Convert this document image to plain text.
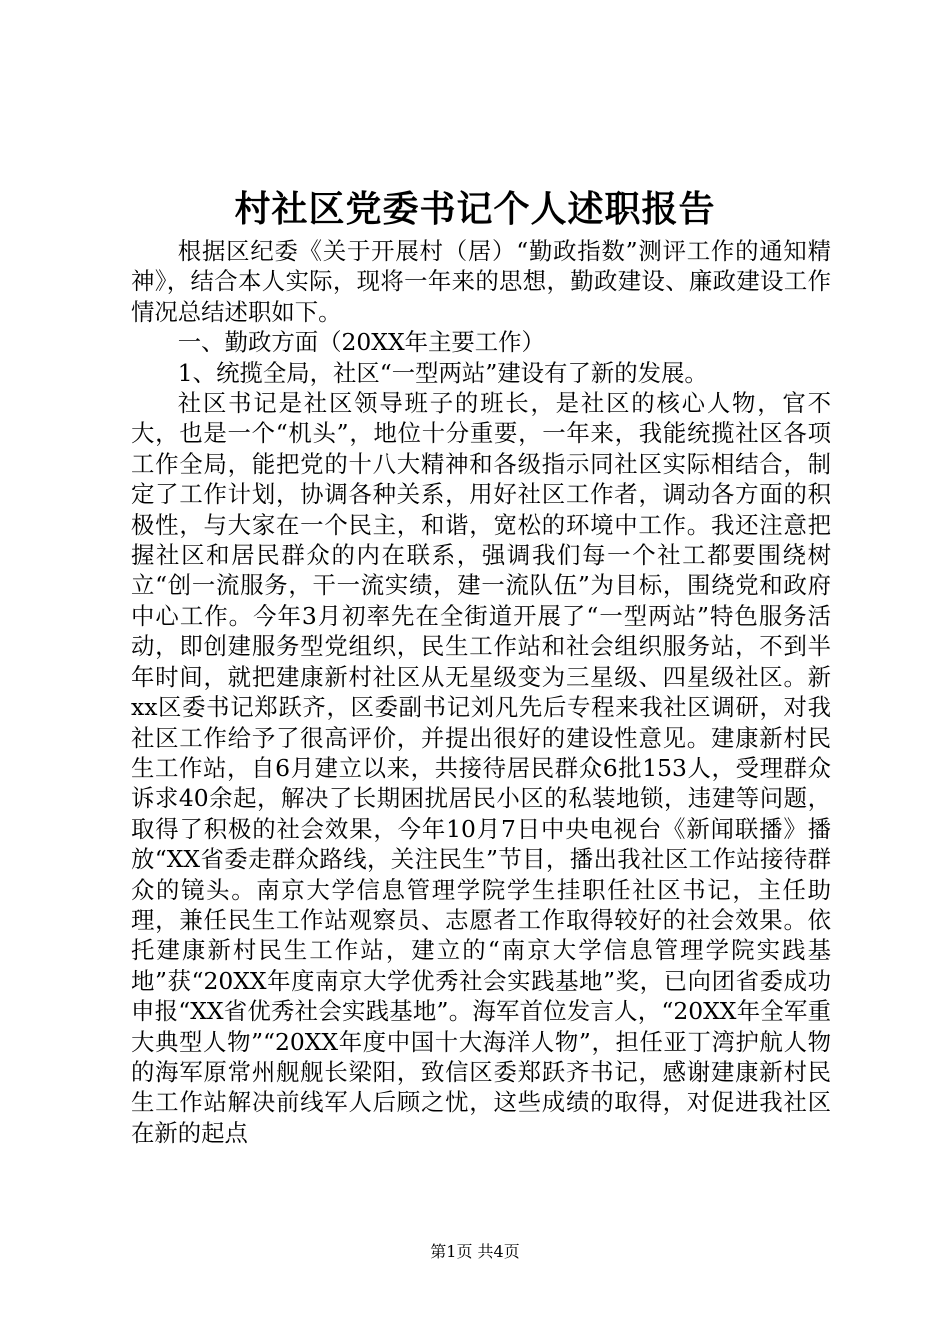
村社区党委书记个人述职报告

根据区纪委《关于开展村（居）“勤政指数”测评工作的通知精神》，结合本人实际，现将一年来的思想，勤政建设、廉政建设工作情况总结述职如下。

一、勤政方面（20XX年主要工作）

1、统揽全局，社区“一型两站”建设有了新的发展。

社区书记是社区领导班子的班长，是社区的核心人物，官不大，也是一个“机头”，地位十分重要，一年来，我能统揽社区各项工作全局，能把党的十八大精神和各级指示同社区实际相结合，制定了工作计划，协调各种关系，用好社区工作者，调动各方面的积极性，与大家在一个民主，和谐，宽松的环境中工作。我还注意把握社区和居民群众的内在联系，强调我们每一个社工都要围绕树立“创一流服务，干一流实绩，建一流队伍”为目标，围绕党和政府中心工作。今年3月初率先在全街道开展了“一型两站”特色服务活动，即创建服务型党组织，民生工作站和社会组织服务站，不到半年时间，就把建康新村社区从无星级变为三星级、四星级社区。新xx区委书记郑跃齐，区委副书记刘凡先后专程来我社区调研，对我社区工作给予了很高评价，并提出很好的建设性意见。建康新村民生工作站，自6月建立以来，共接待居民群众6批153人，受理群众诉求40余起，解决了长期困扰居民小区的私装地锁，违建等问题，取得了积极的社会效果，今年10月7日中央电视台《新闻联播》播放“XX省委走群众路线，关注民生”节目，播出我社区工作站接待群众的镜头。南京大学信息管理学院学生挂职任社区书记，主任助理，兼任民生工作站观察员、志愿者工作取得较好的社会效果。依托建康新村民生工作站，建立的“南京大学信息管理学院实践基地”获“20XX年度南京大学优秀社会实践基地”奖，已向团省委成功申报“XX省优秀社会实践基地”。海军首位发言人，“20XX年全军重大典型人物”“20XX年度中国十大海洋人物”，担任亚丁湾护航人物的海军原常州舰舰长梁阳，致信区委郑跃齐书记，感谢建康新村民生工作站解决前线军人后顾之忧，这些成绩的取得，对促进我社区在新的起点

第1页 共4页
